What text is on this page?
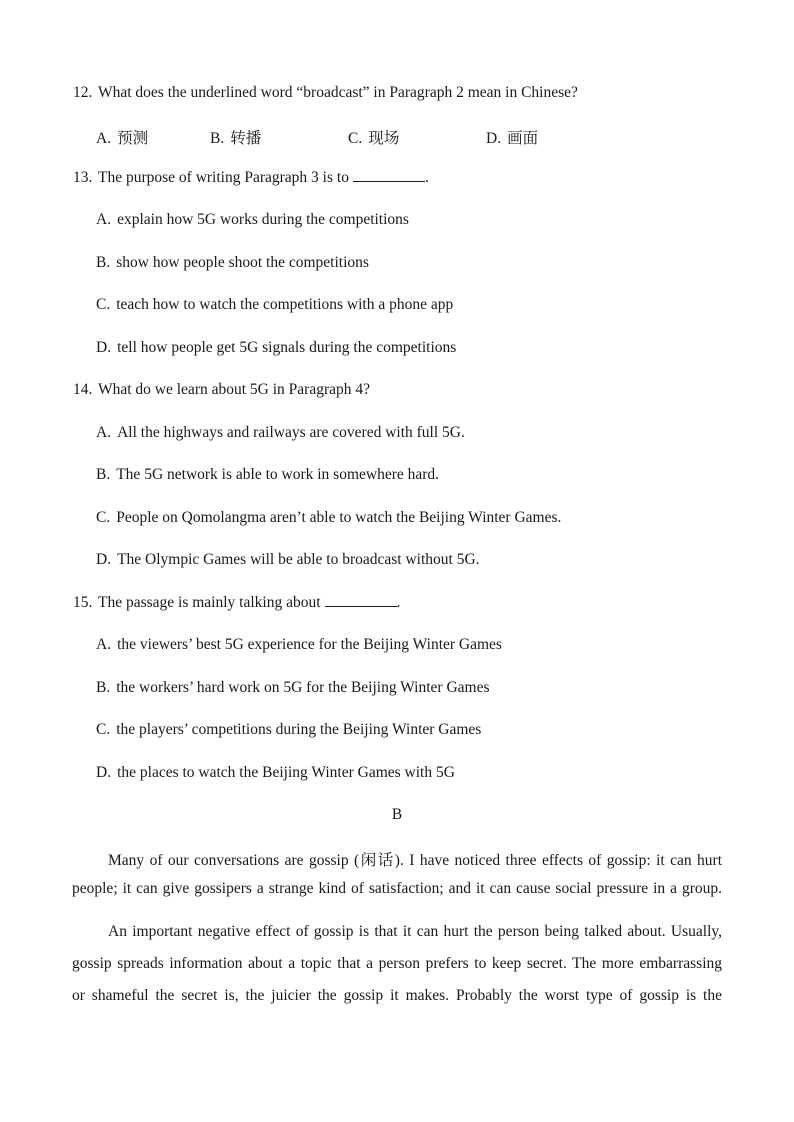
12. What does the underlined word “broadcast” in Paragraph 2 mean in Chinese?
A. 预测	B. 转播	C. 现场	D. 画面
13. The purpose of writing Paragraph 3 is to	.
A. explain how 5G works during the competitions
B. show how people shoot the competitions
C. teach how to watch the competitions with a phone app
D. tell how people get 5G signals during the competitions
14. What do we learn about 5G in Paragraph 4?
A. All the highways and railways are covered with full 5G.
B. The 5G network is able to work in somewhere hard.
C. People on Qomolangma aren’t able to watch the Beijing Winter Games.
D. The Olympic Games will be able to broadcast without 5G.
15. The passage is mainly talking about	.
A. the viewers’ best 5G experience for the Beijing Winter Games
B. the workers’ hard work on 5G for the Beijing Winter Games
C. the players’ competitions during the Beijing Winter Games
D. the places to watch the Beijing Winter Games with 5G
B
Many of our conversations are gossip (闲话). I have noticed three effects of gossip: it can hurt
people; it can give gossipers a strange kind of satisfaction; and it can cause social pressure in a group.
An important negative effect of gossip is that it can hurt the person being talked about. Usually,
gossip spreads information about a topic that a person prefers to keep secret. The more embarrassing
or shameful the secret is, the juicier the gossip it makes. Probably the worst type of gossip is the
